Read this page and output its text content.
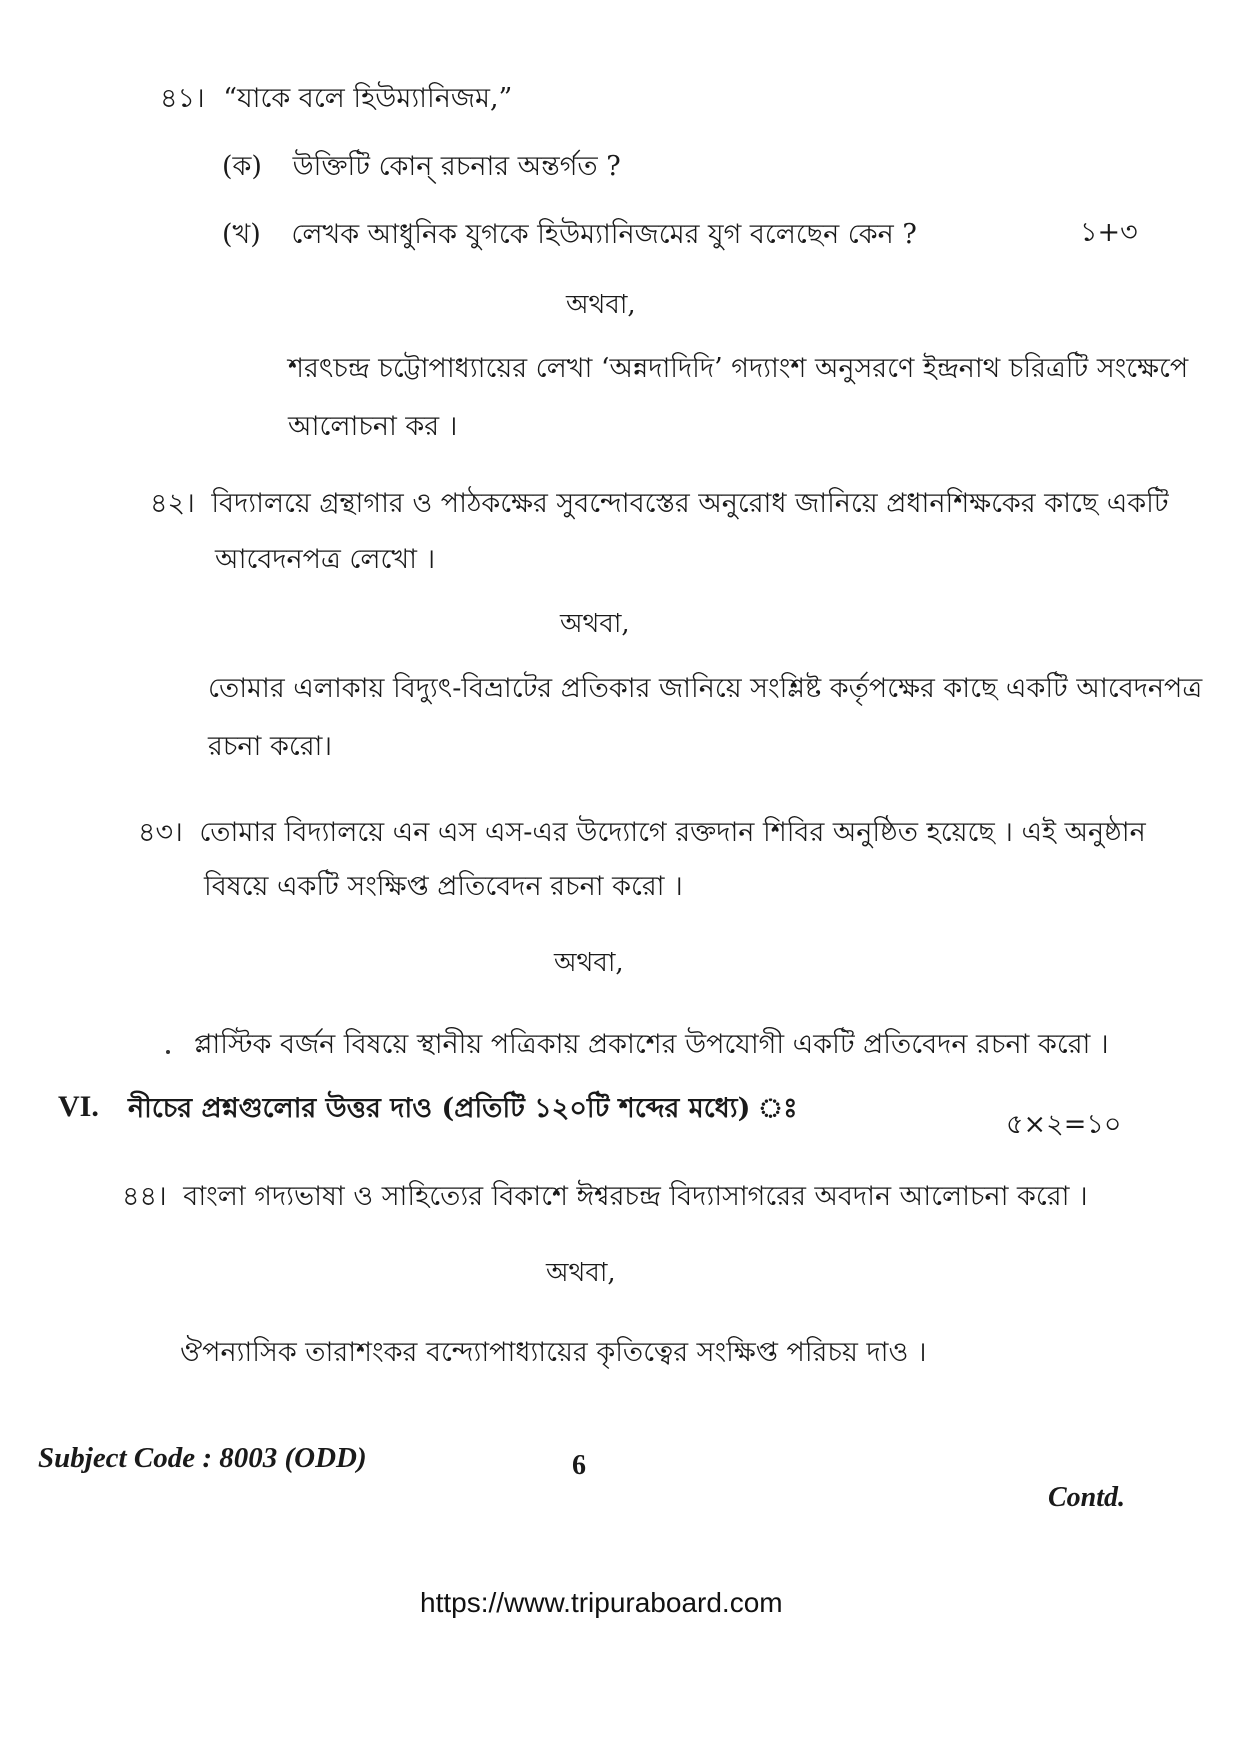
৪১। “যাকে বলে হিউম্যানিজম,”
(ক) উক্তিটি কোন্ রচনার অন্তর্গত ?
(খ) লেখক আধুনিক যুগকে হিউম্যানিজমের যুগ বলেছেন কেন ?	১+৩
অথবা,
শরৎচন্দ্র চট্টোপাধ্যায়ের লেখা ‘অন্নদাদিদি’ গদ্যাংশ অনুসরণে ইন্দ্রনাথ চরিত্রটি সংক্ষেপে
আলোচনা কর ।
৪২। বিদ্যালয়ে গ্রন্থাগার ও পাঠকক্ষের সুবন্দোবস্তের অনুরোধ জানিয়ে প্রধানশিক্ষকের কাছে একটি
আবেদনপত্র লেখো ।
অথবা,
তোমার এলাকায় বিদ্যুৎ-বিভ্রাটের প্রতিকার জানিয়ে সংশ্লিষ্ট কর্তৃপক্ষের কাছে একটি আবেদনপত্র
রচনা করো।
৪৩। তোমার বিদ্যালয়ে এন এস এস-এর উদ্যোগে রক্তদান শিবির অনুষ্ঠিত হয়েছে । এই অনুষ্ঠান
বিষয়ে একটি সংক্ষিপ্ত প্রতিবেদন রচনা করো ।
অথবা,
প্লাস্টিক বর্জন বিষয়ে স্থানীয় পত্রিকায় প্রকাশের উপযোগী একটি প্রতিবেদন রচনা করো ।
VI. নীচের প্রশ্নগুলোর উত্তর দাও (প্রতিটি ১২০টি শব্দের মধ্যে) ঃ
৫×২=১০
৪৪। বাংলা গদ্যভাষা ও সাহিত্যের বিকাশে ঈশ্বরচন্দ্র বিদ্যাসাগরের অবদান আলোচনা করো ।
অথবা,
ঔপন্যাসিক তারাশংকর বন্দ্যোপাধ্যায়ের কৃতিত্বের সংক্ষিপ্ত পরিচয় দাও ।
Subject Code : 8003 (ODD)	6
Contd.
https://www.tripuraboard.com
